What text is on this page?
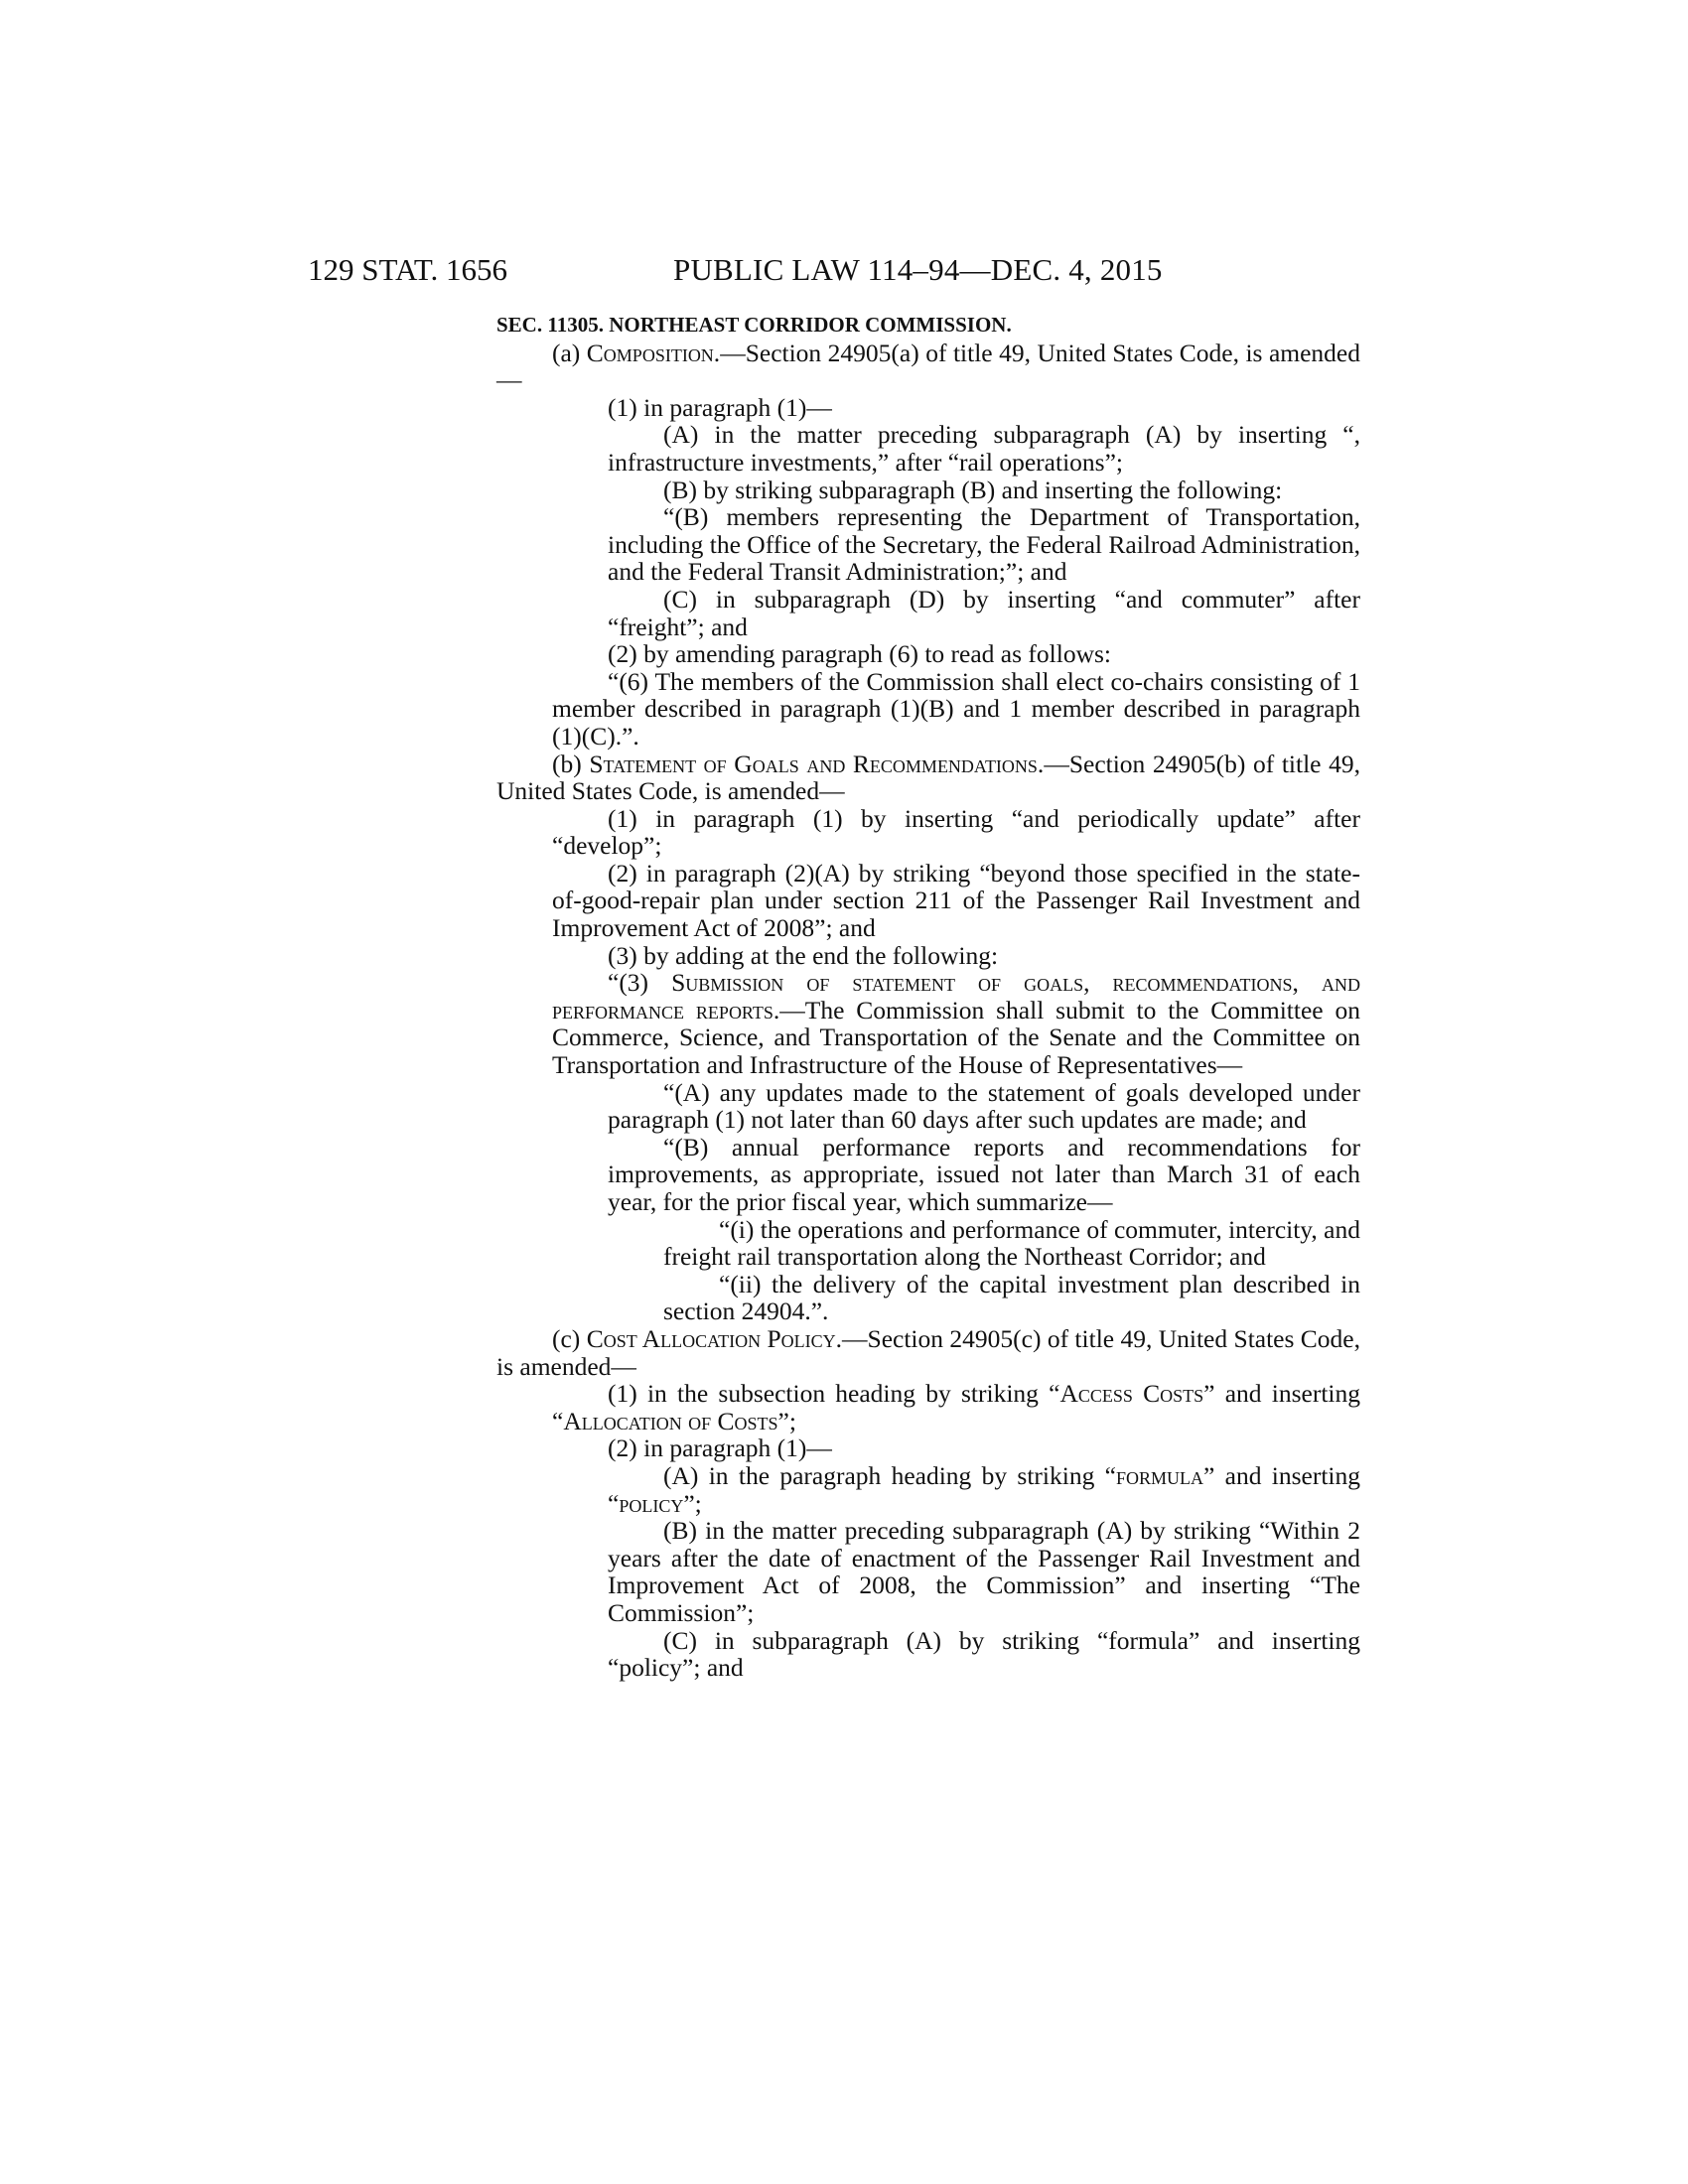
129 STAT. 1656	PUBLIC LAW 114–94—DEC. 4, 2015

SEC. 11305. NORTHEAST CORRIDOR COMMISSION.

(a) Composition.—Section 24905(a) of title 49, United States Code, is amended—

(1) in paragraph (1)—

(A) in the matter preceding subparagraph (A) by inserting “, infrastructure investments,” after “rail operations”;

(B) by striking subparagraph (B) and inserting the following:

“(B) members representing the Department of Transportation, including the Office of the Secretary, the Federal Railroad Administration, and the Federal Transit Administration;”; and

(C) in subparagraph (D) by inserting “and commuter” after “freight”; and

(2) by amending paragraph (6) to read as follows:

“(6) The members of the Commission shall elect co-chairs consisting of 1 member described in paragraph (1)(B) and 1 member described in paragraph (1)(C).”.

(b) Statement of Goals and Recommendations.—Section 24905(b) of title 49, United States Code, is amended—

(1) in paragraph (1) by inserting “and periodically update” after “develop”;

(2) in paragraph (2)(A) by striking “beyond those specified in the state-of-good-repair plan under section 211 of the Passenger Rail Investment and Improvement Act of 2008”; and

(3) by adding at the end the following:

“(3) Submission of statement of goals, recommendations, and performance reports.—The Commission shall submit to the Committee on Commerce, Science, and Transportation of the Senate and the Committee on Transportation and Infrastructure of the House of Representatives—

“(A) any updates made to the statement of goals developed under paragraph (1) not later than 60 days after such updates are made; and

“(B) annual performance reports and recommendations for improvements, as appropriate, issued not later than March 31 of each year, for the prior fiscal year, which summarize—

“(i) the operations and performance of commuter, intercity, and freight rail transportation along the Northeast Corridor; and

“(ii) the delivery of the capital investment plan described in section 24904.”.

(c) Cost Allocation Policy.—Section 24905(c) of title 49, United States Code, is amended—

(1) in the subsection heading by striking “Access Costs” and inserting “Allocation of Costs”;

(2) in paragraph (1)—

(A) in the paragraph heading by striking “formula” and inserting “policy”;

(B) in the matter preceding subparagraph (A) by striking “Within 2 years after the date of enactment of the Passenger Rail Investment and Improvement Act of 2008, the Commission” and inserting “The Commission”;

(C) in subparagraph (A) by striking “formula” and inserting “policy”; and
